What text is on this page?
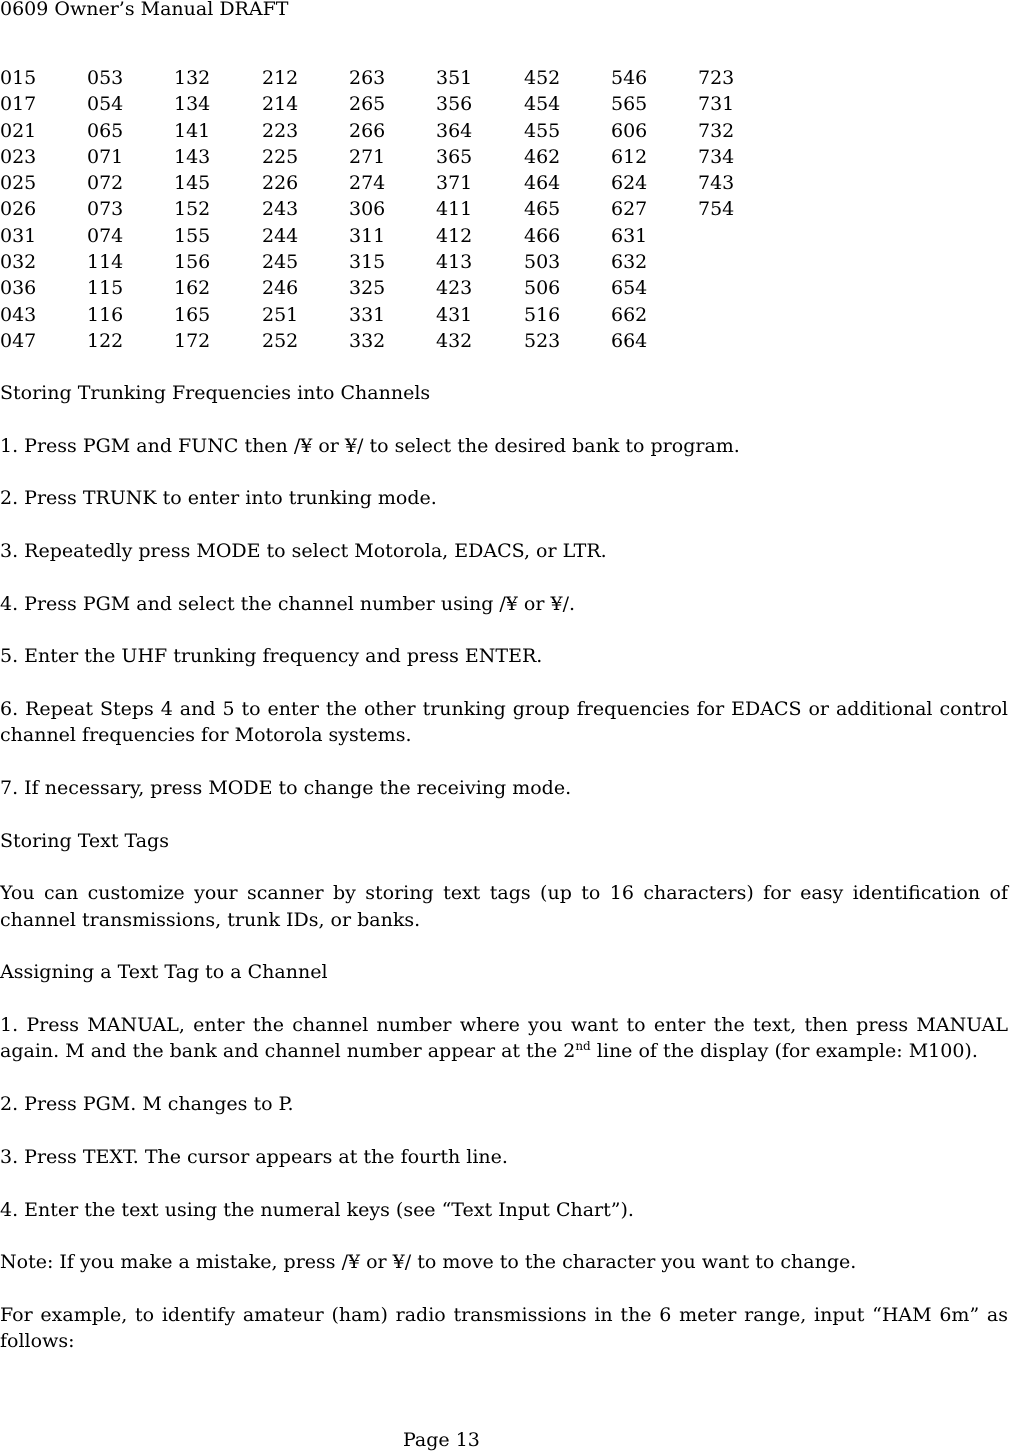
0609 Owner’s Manual DRAFT
015
017
021
023
025
026
031
032
036
043
047
053
054
065
071
072
073
074
114
115
116
122
132
134
141
143
145
152
155
156
162
165
172
212
214
223
225
226
243
244
245
246
251
252
263
265
266
271
274
306
311
315
325
331
332
351
356
364
365
371
411
412
413
423
431
432
452
454
455
462
464
465
466
503
506
516
523
546
565
606
612
624
627
631
632
654
662
664
723
731
732
734
743
754

Storing Trunking Frequencies into Channels

1. Press PGM and FUNC then /¥ or ¥/ to select the desired bank to program.

2. Press TRUNK to enter into trunking mode.

3. Repeatedly press MODE to select Motorola, EDACS, or LTR.

4. Press PGM and select the channel number using /¥ or ¥/.

5. Enter the UHF trunking frequency and press ENTER.

6. Repeat Steps 4 and 5 to enter the other trunking group frequencies for EDACS or additional control channel frequencies for Motorola systems.

7. If necessary, press MODE to change the receiving mode.

Storing Text Tags

You can customize your scanner by storing text tags (up to 16 characters) for easy identification of channel transmissions, trunk IDs, or banks.

Assigning a Text Tag to a Channel

1. Press MANUAL, enter the channel number where you want to enter the text, then press MANUAL again. M and the bank and channel number appear at the 2nd line of the display (for example: M100).

2. Press PGM. M changes to P.

3. Press TEXT. The cursor appears at the fourth line.

4. Enter the text using the numeral keys (see “Text Input Chart”).

Note: If you make a mistake, press /¥ or ¥/ to move to the character you want to change.

For example, to identify amateur (ham) radio transmissions in the 6 meter range, input “HAM 6m” as follows:

Page 13
